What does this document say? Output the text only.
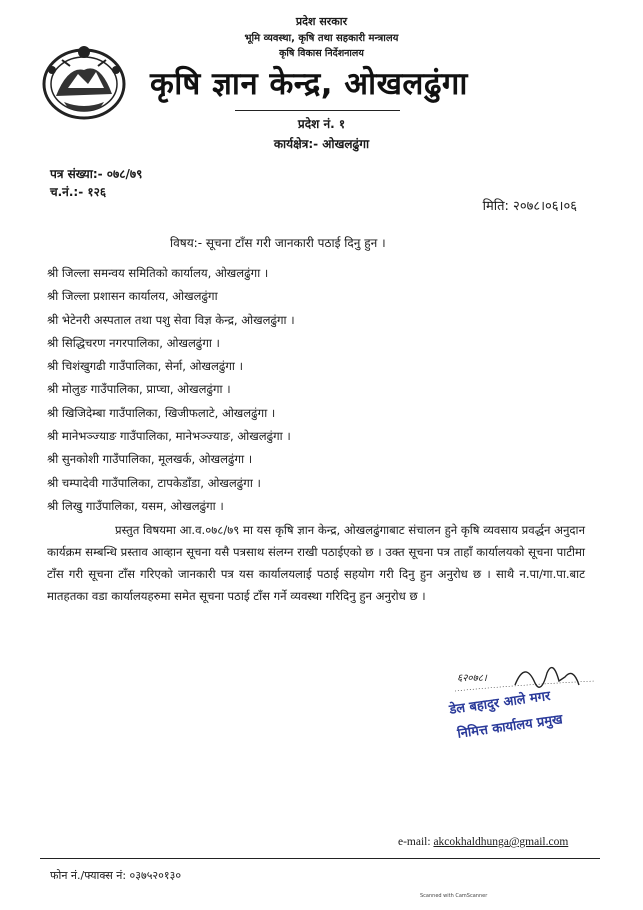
प्रदेश सरकार
भूमि व्यवस्था, कृषि तथा सहकारी मन्त्रालय
कृषि विकास निर्देशनालय
कृषि ज्ञान केन्द्र, ओखलढुंगा
प्रदेश नं. १
कार्यक्षेत्र:- ओखलढुंगा
पत्र संख्या:- ०७८/७९
च.नं.:- १२६
मिति: २०७८।०६।०६
विषय:- सूचना टाँस गरी जानकारी पठाई दिनु हुन ।
श्री जिल्ला समन्वय समितिको कार्यालय, ओखलढुंगा ।
श्री जिल्ला प्रशासन कार्यालय, ओखलढुंगा
श्री भेटेनरी अस्पताल तथा पशु सेवा विज्ञ केन्द्र, ओखलढुंगा ।
श्री सिद्धिचरण नगरपालिका, ओखलढुंगा ।
श्री चिशंखुगढी गाउँपालिका, सेर्ना, ओखलढुंगा ।
श्री मोलुङ गाउँपालिका, प्राप्चा, ओखलढुंगा ।
श्री खिजिदेम्बा गाउँपालिका, खिजीफलाटे, ओखलढुंगा ।
श्री मानेभञ्ज्याङ गाउँपालिका, मानेभञ्ज्याङ, ओखलढुंगा ।
श्री सुनकोशी गाउँपालिका, मूलखर्क, ओखलढुंगा ।
श्री चम्पादेवी गाउँपालिका, टापकेडाँडा, ओखलढुंगा ।
श्री लिखु गाउँपालिका, यसम, ओखलढुंगा ।

प्रस्तुत विषयमा आ.व.०७८/७९ मा यस कृषि ज्ञान केन्द्र, ओखलढुंगाबाट संचालन हुने कृषि व्यवसाय प्रवर्द्धन अनुदान कार्यक्रम सम्बन्धि प्रस्ताव आव्हान सूचना यसै पत्रसाथ संलग्न राखी पठाईएको छ । उक्त सूचना पत्र ताहाँ कार्यालयको सूचना पाटीमा टाँस गरी सूचना टाँस गरिएको जानकारी पत्र यस कार्यालयलाई पठाई सहयोग गरी दिनु हुन अनुरोध छ । साथै न.पा/गा.पा.बाट मातहतका वडा कार्यालयहरुमा समेत सूचना पठाई टाँस गर्ने व्यवस्था गरिदिनु हुन अनुरोध छ ।

६२०७८।
डेल बहादुर आले मगर
निमित्त कार्यालय प्रमुख
e-mail: akcokhaldhunga@gmail.com
फोन नं./फ्याक्स नं: ०३७५२०१३०
Scanned with CamScanner
